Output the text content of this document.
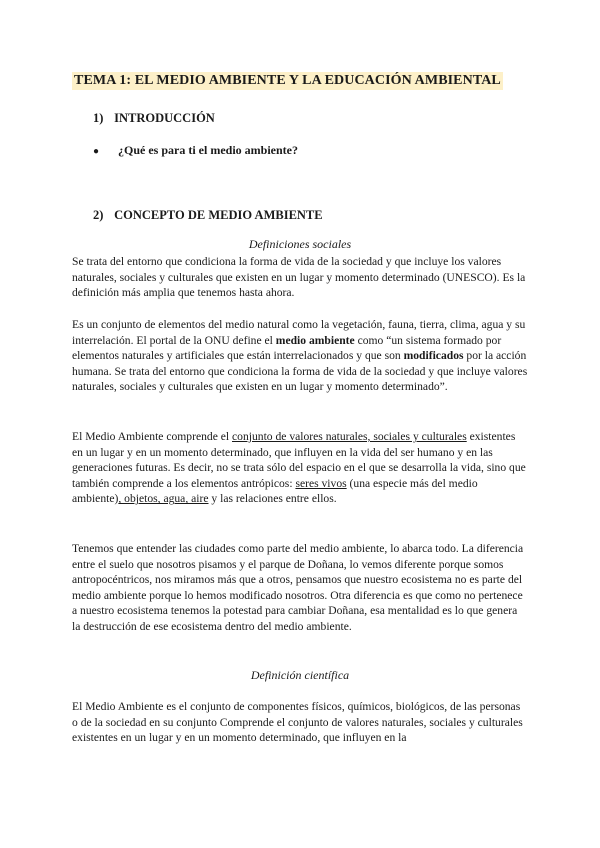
TEMA 1: EL MEDIO AMBIENTE Y LA EDUCACIÓN AMBIENTAL
1) INTRODUCCIÓN
● ¿Qué es para ti el medio ambiente?
2) CONCEPTO DE MEDIO AMBIENTE
Definiciones sociales

Se trata del entorno que condiciona la forma de vida de la sociedad y que incluye los valores naturales, sociales y culturales que existen en un lugar y momento determinado (UNESCO). Es la definición más amplia que tenemos hasta ahora.

Es un conjunto de elementos del medio natural como la vegetación, fauna, tierra, clima, agua y su interrelación. El portal de la ONU define el medio ambiente como “un sistema formado por elementos naturales y artificiales que están interrelacionados y que son modificados por la acción humana. Se trata del entorno que condiciona la forma de vida de la sociedad y que incluye valores naturales, sociales y culturales que existen en un lugar y momento determinado”.

El Medio Ambiente comprende el conjunto de valores naturales, sociales y culturales existentes en un lugar y en un momento determinado, que influyen en la vida del ser humano y en las generaciones futuras. Es decir, no se trata sólo del espacio en el que se desarrolla la vida, sino que también comprende a los elementos antrópicos: seres vivos (una especie más del medio ambiente), objetos, agua, aire y las relaciones entre ellos.

Tenemos que entender las ciudades como parte del medio ambiente, lo abarca todo. La diferencia entre el suelo que nosotros pisamos y el parque de Doñana, lo vemos diferente porque somos antropocéntricos, nos miramos más que a otros, pensamos que nuestro ecosistema no es parte del medio ambiente porque lo hemos modificado nosotros. Otra diferencia es que como no pertenece a nuestro ecosistema tenemos la potestad para cambiar Doñana, esa mentalidad es lo que genera la destrucción de ese ecosistema dentro del medio ambiente.

Definición científica

El Medio Ambiente es el conjunto de componentes físicos, químicos, biológicos, de las personas o de la sociedad en su conjunto Comprende el conjunto de valores naturales, sociales y culturales existentes en un lugar y en un momento determinado, que influyen en la
